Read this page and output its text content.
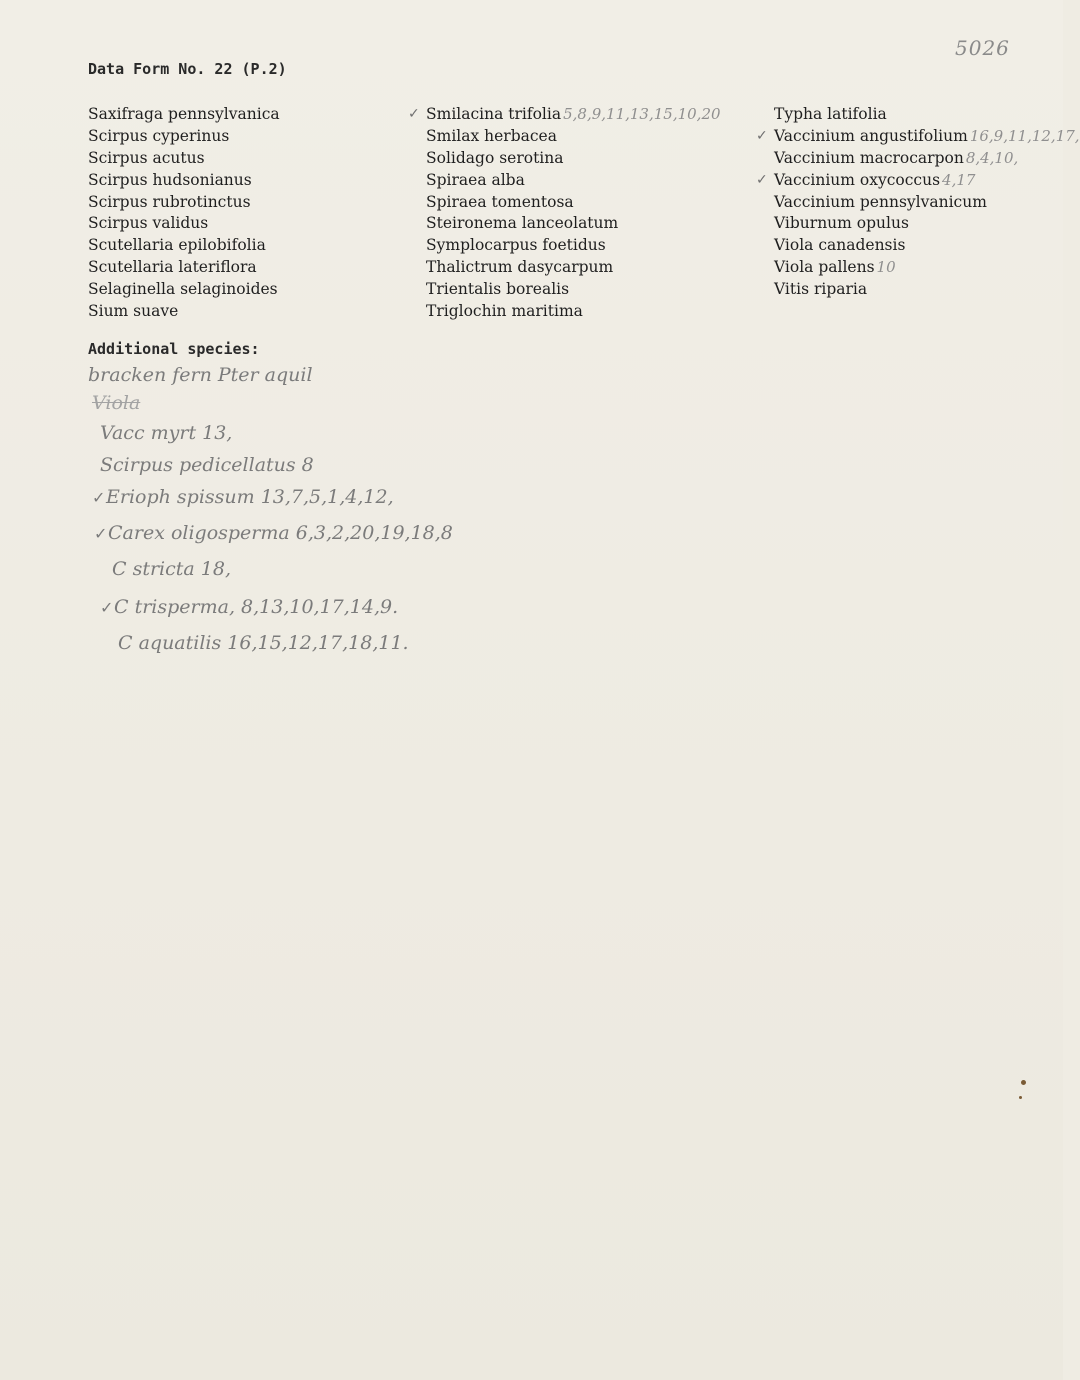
5026
Data Form No. 22 (P.2)
Saxifraga pennsylvanica
Scirpus cyperinus
Scirpus acutus
Scirpus hudsonianus
Scirpus rubrotinctus
Scirpus validus
Scutellaria epilobifolia
Scutellaria lateriflora
Selaginella selaginoides
Sium suave
✓ Smilacina trifolia 5,8,9,11,13,15,10,20
Smilax herbacea
Solidago serotina
Spiraea alba
Spiraea tomentosa
Steironema lanceolatum
Symplocarpus foetidus
Thalictrum dasycarpum
Trientalis borealis
Triglochin maritima
Typha latifolia
✓ Vaccinium angustifolium 16,9,11,12,17,
Vaccinium macrocarpon 8,4,10,
✓ Vaccinium oxycoccus 4,17
Vaccinium pennsylvanicum
Viburnum opulus
Viola canadensis
Viola pallens 10
Vitis riparia
Additional species:
bracken fern Pter aquil
Viola
Vacc myrt 13,
Scirpus pedicellatus 8
✓ Erioph spissum 13,7,5,1,4,12,
✓ Carex oligosperma 6,3,2,20,19,18,8
C stricta 18,
✓ C trisperma, 8,13,10,17,14,9.
C aquatilis 16,15,12,17,18,11.
